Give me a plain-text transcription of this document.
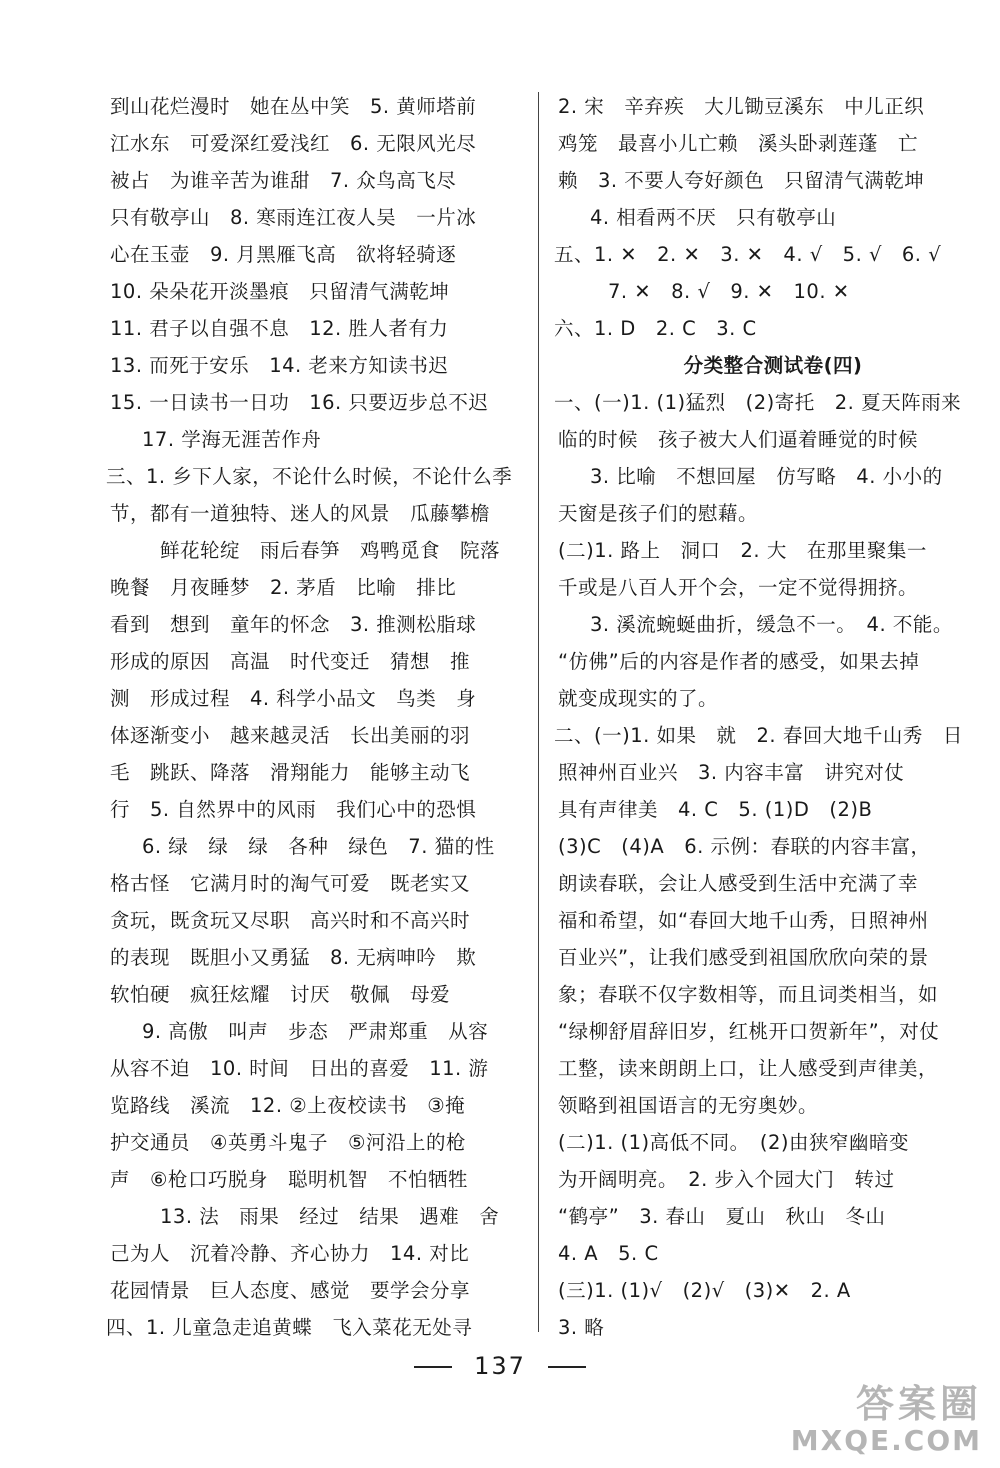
到山花烂漫时　她在丛中笑　5. 黄师塔前
江水东　可爱深红爱浅红　6. 无限风光尽
被占　为谁辛苦为谁甜　7. 众鸟高飞尽
只有敬亭山　8. 寒雨连江夜人吴　一片冰
心在玉壶　9. 月黑雁飞高　欲将轻骑逐
10. 朵朵花开淡墨痕　只留清气满乾坤
11. 君子以自强不息　12. 胜人者有力
13. 而死于安乐　14. 老来方知读书迟
15. 一日读书一日功　16. 只要迈步总不迟
17. 学海无涯苦作舟
三、1. 乡下人家，不论什么时候，不论什么季
节，都有一道独特、迷人的风景　瓜藤攀檐
鲜花轮绽　雨后春笋　鸡鸭觅食　院落
晚餐　月夜睡梦　2. 茅盾　比喻　排比
看到　想到　童年的怀念　3. 推测松脂球
形成的原因　高温　时代变迁　猜想　推
测　形成过程　4. 科学小品文　鸟类　身
体逐渐变小　越来越灵活　长出美丽的羽
毛　跳跃、降落　滑翔能力　能够主动飞
行　5. 自然界中的风雨　我们心中的恐惧
6. 绿　绿　绿　各种　绿色　7. 猫的性
格古怪　它满月时的淘气可爱　既老实又
贪玩，既贪玩又尽职　高兴时和不高兴时
的表现　既胆小又勇猛　8. 无病呻吟　欺
软怕硬　疯狂炫耀　讨厌　敬佩　母爱
9. 高傲　叫声　步态　严肃郑重　从容
从容不迫　10. 时间　日出的喜爱　11. 游
览路线　溪流　12. ②上夜校读书　③掩
护交通员　④英勇斗鬼子　⑤河沿上的枪
声　⑥枪口巧脱身　聪明机智　不怕牺牲
13. 法　雨果　经过　结果　遇难　舍
己为人　沉着冷静、齐心协力　14. 对比
花园情景　巨人态度、感觉　要学会分享
四、1. 儿童急走追黄蝶　飞入菜花无处寻
2. 宋　辛弃疾　大儿锄豆溪东　中儿正织
鸡笼　最喜小儿亡赖　溪头卧剥莲蓬　亡
赖　3. 不要人夸好颜色　只留清气满乾坤
4. 相看两不厌　只有敬亭山
五、1. ✕　2. ✕　3. ✕　4. √　5. √　6. √
7. ✕　8. √　9. ✕　10. ✕
六、1. D　2. C　3. C
分类整合测试卷(四)
一、(一)1. (1)猛烈　(2)寄托　2. 夏天阵雨来
临的时候　孩子被大人们逼着睡觉的时候
3. 比喻　不想回屋　仿写略　4. 小小的
天窗是孩子们的慰藉。
(二)1. 路上　洞口　2. 大　在那里聚集一
千或是八百人开个会，一定不觉得拥挤。
3. 溪流蜿蜒曲折，缓急不一。　4. 不能。
“仿佛”后的内容是作者的感受，如果去掉
就变成现实的了。
二、(一)1. 如果　就　2. 春回大地千山秀　日
照神州百业兴　3. 内容丰富　讲究对仗
具有声律美　4. C　5. (1)D　(2)B
(3)C　(4)A　6. 示例：春联的内容丰富，
朗读春联，会让人感受到生活中充满了幸
福和希望，如“春回大地千山秀，日照神州
百业兴”，让我们感受到祖国欣欣向荣的景
象；春联不仅字数相等，而且词类相当，如
“绿柳舒眉辞旧岁，红桃开口贺新年”，对仗
工整，读来朗朗上口，让人感受到声律美，
领略到祖国语言的无穷奥妙。
(二)1. (1)高低不同。　(2)由狭窄幽暗变
为开阔明亮。　2. 步入个园大门　转过
“鹤亭”　3. 春山　夏山　秋山　冬山
4. A　5. C
(三)1. (1)√　(2)√　(3)✕　2. A
3. 略
137
答案圈
MXQE.COM
